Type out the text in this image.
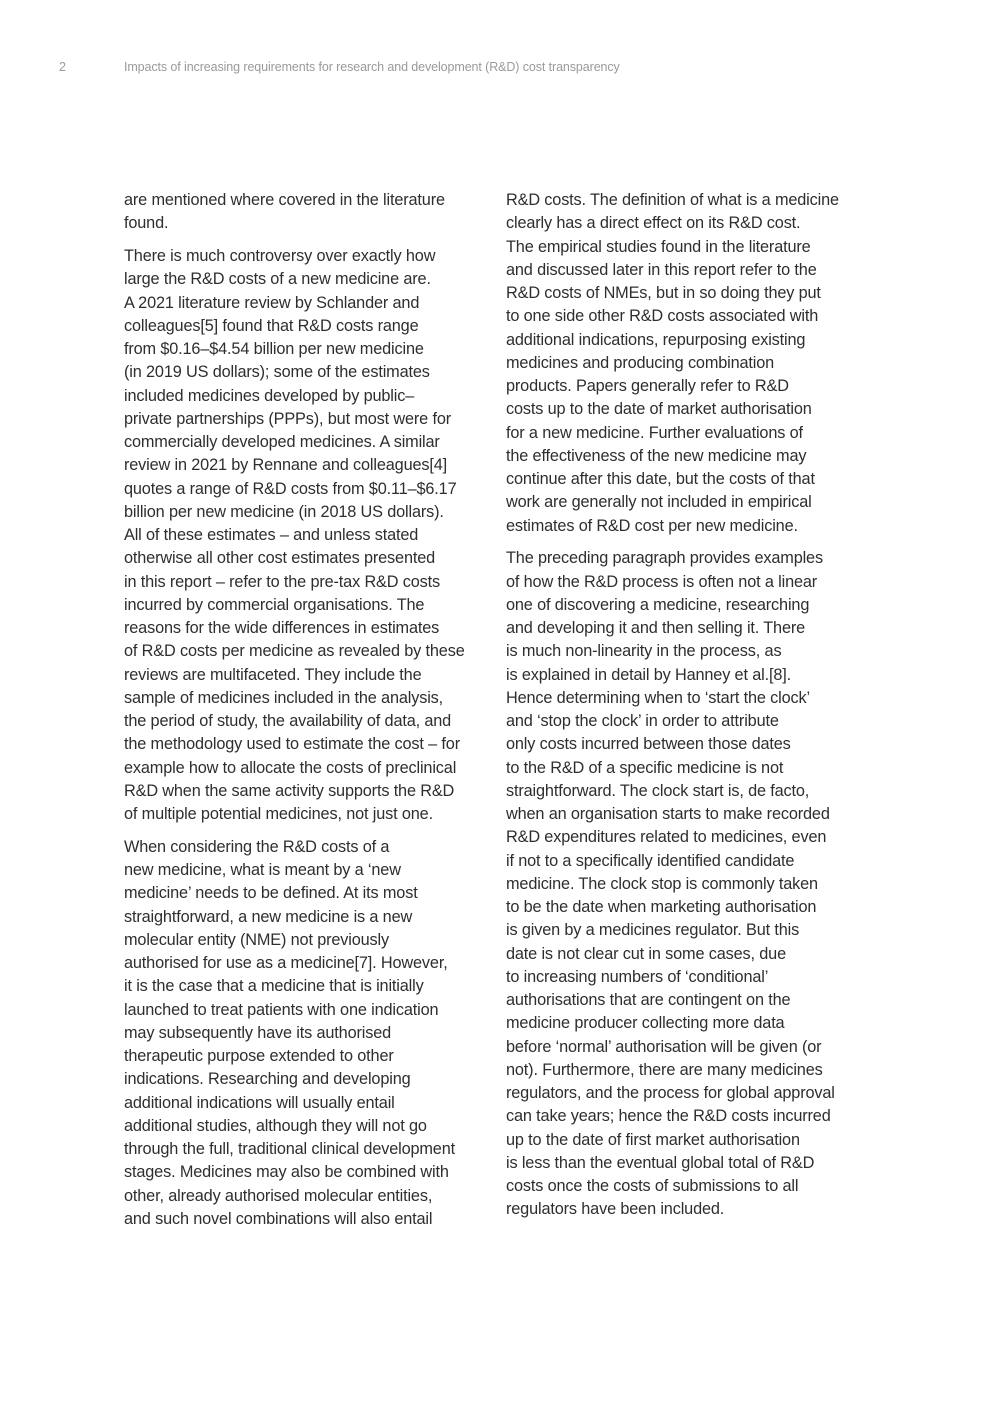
2	Impacts of increasing requirements for research and development (R&D) cost transparency
are mentioned where covered in the literature
found.
There is much controversy over exactly how
large the R&D costs of a new medicine are.
A 2021 literature review by Schlander and
colleagues[5] found that R&D costs range
from $0.16–$4.54 billion per new medicine
(in 2019 US dollars); some of the estimates
included medicines developed by public–
private partnerships (PPPs), but most were for
commercially developed medicines. A similar
review in 2021 by Rennane and colleagues[4]
quotes a range of R&D costs from $0.11–$6.17
billion per new medicine (in 2018 US dollars).
All of these estimates – and unless stated
otherwise all other cost estimates presented
in this report – refer to the pre-tax R&D costs
incurred by commercial organisations. The
reasons for the wide differences in estimates
of R&D costs per medicine as revealed by these
reviews are multifaceted. They include the
sample of medicines included in the analysis,
the period of study, the availability of data, and
the methodology used to estimate the cost – for
example how to allocate the costs of preclinical
R&D when the same activity supports the R&D
of multiple potential medicines, not just one.
When considering the R&D costs of a
new medicine, what is meant by a ‘new
medicine’ needs to be defined. At its most
straightforward, a new medicine is a new
molecular entity (NME) not previously
authorised for use as a medicine[7]. However,
it is the case that a medicine that is initially
launched to treat patients with one indication
may subsequently have its authorised
therapeutic purpose extended to other
indications. Researching and developing
additional indications will usually entail
additional studies, although they will not go
through the full, traditional clinical development
stages. Medicines may also be combined with
other, already authorised molecular entities,
and such novel combinations will also entail
R&D costs. The definition of what is a medicine
clearly has a direct effect on its R&D cost.
The empirical studies found in the literature
and discussed later in this report refer to the
R&D costs of NMEs, but in so doing they put
to one side other R&D costs associated with
additional indications, repurposing existing
medicines and producing combination
products. Papers generally refer to R&D
costs up to the date of market authorisation
for a new medicine. Further evaluations of
the effectiveness of the new medicine may
continue after this date, but the costs of that
work are generally not included in empirical
estimates of R&D cost per new medicine.
The preceding paragraph provides examples
of how the R&D process is often not a linear
one of discovering a medicine, researching
and developing it and then selling it. There
is much non-linearity in the process, as
is explained in detail by Hanney et al.[8].
Hence determining when to ‘start the clock’
and ‘stop the clock’ in order to attribute
only costs incurred between those dates
to the R&D of a specific medicine is not
straightforward. The clock start is, de facto,
when an organisation starts to make recorded
R&D expenditures related to medicines, even
if not to a specifically identified candidate
medicine. The clock stop is commonly taken
to be the date when marketing authorisation
is given by a medicines regulator. But this
date is not clear cut in some cases, due
to increasing numbers of ‘conditional’
authorisations that are contingent on the
medicine producer collecting more data
before ‘normal’ authorisation will be given (or
not). Furthermore, there are many medicines
regulators, and the process for global approval
can take years; hence the R&D costs incurred
up to the date of first market authorisation
is less than the eventual global total of R&D
costs once the costs of submissions to all
regulators have been included.
